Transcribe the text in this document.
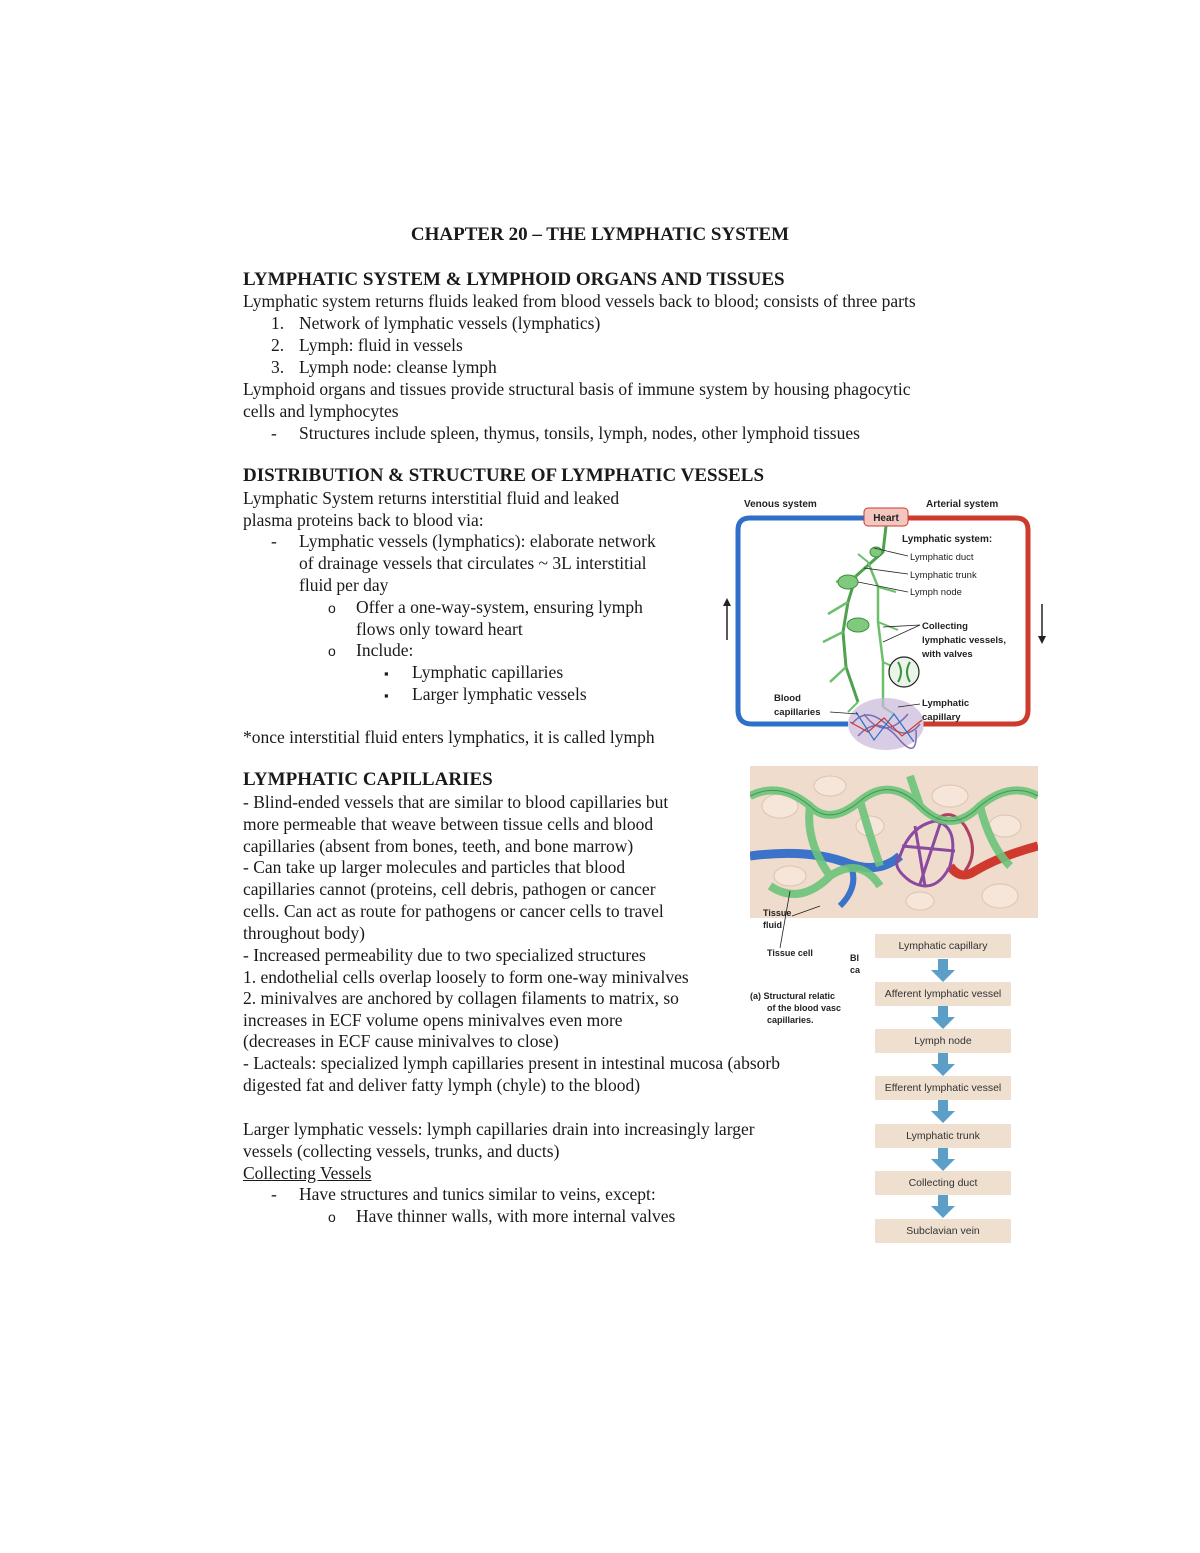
CHAPTER 20 – THE LYMPHATIC SYSTEM
LYMPHATIC SYSTEM & LYMPHOID ORGANS AND TISSUES
Lymphatic system returns fluids leaked from blood vessels back to blood; consists of three parts
1. Network of lymphatic vessels (lymphatics)
2. Lymph: fluid in vessels
3. Lymph node: cleanse lymph
Lymphoid organs and tissues provide structural basis of immune system by housing phagocytic
cells and lymphocytes
- Structures include spleen, thymus, tonsils, lymph, nodes, other lymphoid tissues
DISTRIBUTION & STRUCTURE OF LYMPHATIC VESSELS
Lymphatic System returns interstitial fluid and leaked
plasma proteins back to blood via:
- Lymphatic vessels (lymphatics): elaborate network
of drainage vessels that circulates ~ 3L interstitial
fluid per day
o Offer a one-way-system, ensuring lymph
flows only toward heart
o Include:
▪ Lymphatic capillaries
▪ Larger lymphatic vessels
*once interstitial fluid enters lymphatics, it is called lymph
LYMPHATIC CAPILLARIES
- Blind-ended vessels that are similar to blood capillaries but
more permeable that weave between tissue cells and blood
capillaries (absent from bones, teeth, and bone marrow)
- Can take up larger molecules and particles that blood
capillaries cannot (proteins, cell debris, pathogen or cancer
cells. Can act as route for pathogens or cancer cells to travel
throughout body)
- Increased permeability due to two specialized structures
1. endothelial cells overlap loosely to form one-way minivalves
2. minivalves are anchored by collagen filaments to matrix, so
increases in ECF volume opens minivalves even more
(decreases in ECF cause minivalves to close)
- Lacteals: specialized lymph capillaries present in intestinal mucosa (absorb
digested fat and deliver fatty lymph (chyle) to the blood)
Larger lymphatic vessels: lymph capillaries drain into increasingly larger
vessels (collecting vessels, trunks, and ducts)
Collecting Vessels
- Have structures and tunics similar to veins, except:
o Have thinner walls, with more internal valves
Heart
Venous system	Arterial system
Lymphatic system:
Lymphatic duct
Lymphatic trunk
Lymph node
Collecting
lymphatic vessels,
with valves
Lymphatic
capillary
Blood
capillaries
Tissue
fluid
Tissue cell	Bl
ca
(a) Structural relatic
of the blood vasc
capillaries.
Lymphatic capillary
Afferent lymphatic vessel
Lymph node
Efferent lymphatic vessel
Lymphatic trunk
Collecting duct
Subclavian vein
